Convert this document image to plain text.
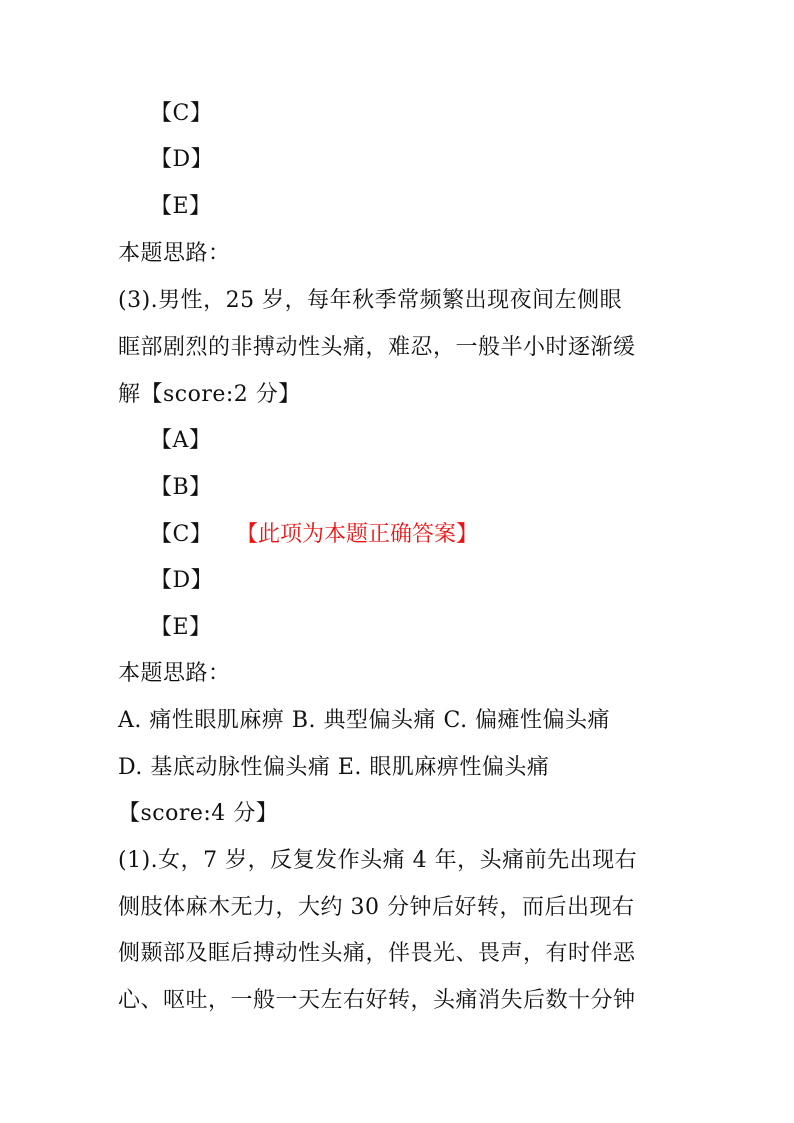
【C】
【D】
【E】
本题思路：
(3).男性，25 岁，每年秋季常频繁出现夜间左侧眼
眶部剧烈的非搏动性头痛，难忍，一般半小时逐渐缓
解【score:2 分】
【A】
【B】
【C】 【此项为本题正确答案】
【D】
【E】
本题思路：
A. 痛性眼肌麻痹 B. 典型偏头痛 C. 偏瘫性偏头痛
D. 基底动脉性偏头痛 E. 眼肌麻痹性偏头痛
【score:4 分】
(1).女，7 岁，反复发作头痛 4 年，头痛前先出现右
侧肢体麻木无力，大约 30 分钟后好转，而后出现右
侧颞部及眶后搏动性头痛，伴畏光、畏声，有时伴恶
心、呕吐，一般一天左右好转，头痛消失后数十分钟
